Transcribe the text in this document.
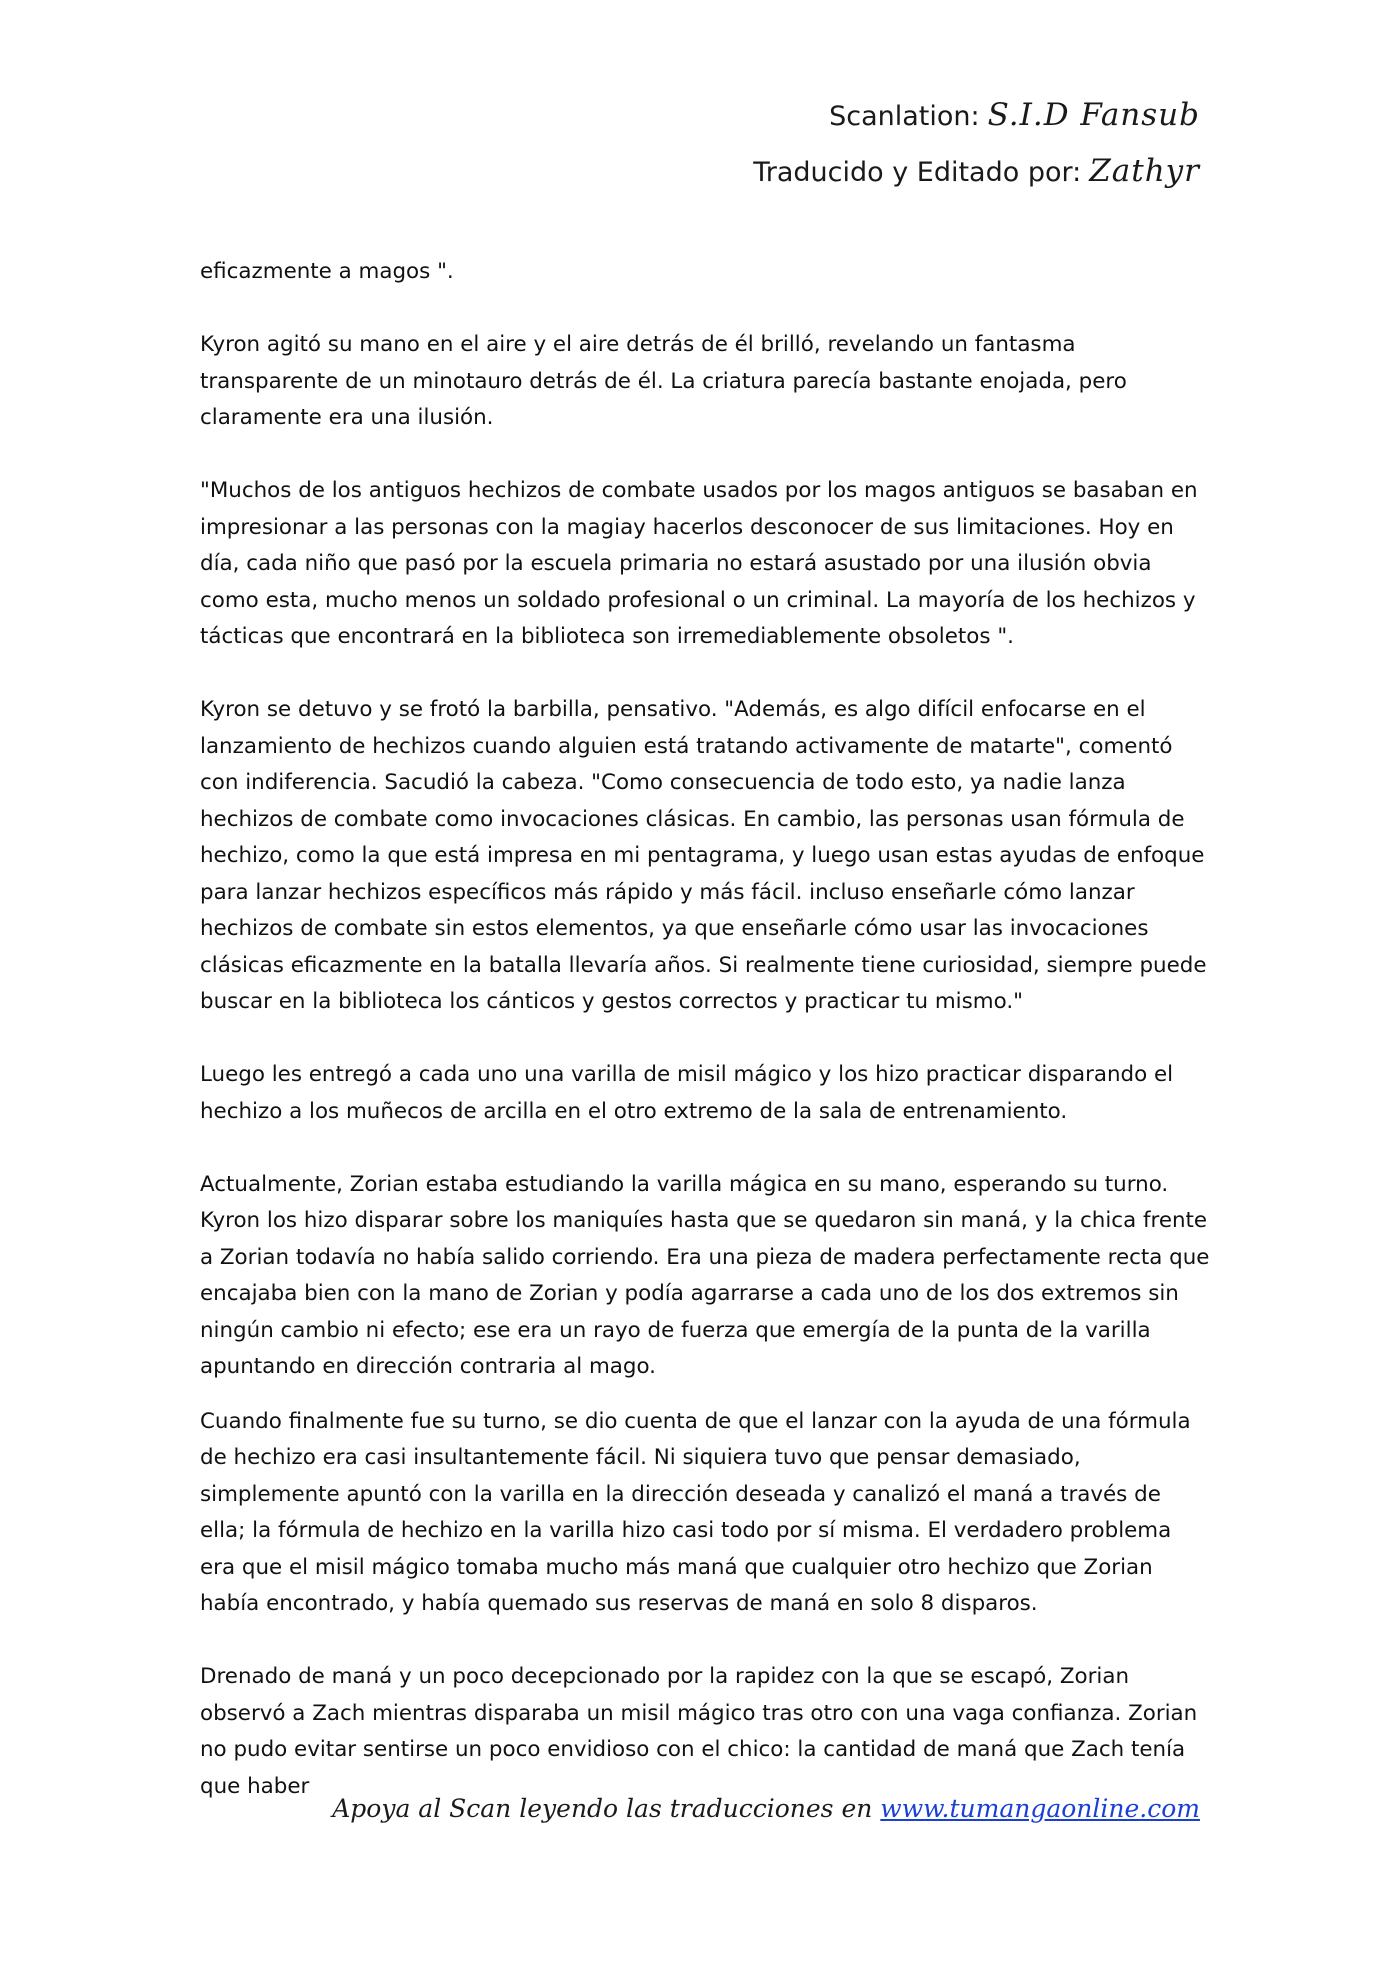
Scanlation: S.I.D Fansub
Traducido y Editado por: Zathyr

eficazmente a magos ".

Kyron agitó su mano en el aire y el aire detrás de él brilló, revelando un fantasma transparente de un minotauro detrás de él. La criatura parecía bastante enojada, pero claramente era una ilusión.

"Muchos de los antiguos hechizos de combate usados por los magos antiguos se basaban en impresionar a las personas con la magiay hacerlos desconocer de sus limitaciones. Hoy en día, cada niño que pasó por la escuela primaria no estará asustado por una ilusión obvia como esta, mucho menos un soldado profesional o un criminal. La mayoría de los hechizos y tácticas que encontrará en la biblioteca son irremediablemente obsoletos ".

Kyron se detuvo y se frotó la barbilla, pensativo. "Además, es algo difícil enfocarse en el lanzamiento de hechizos cuando alguien está tratando activamente de matarte", comentó con indiferencia. Sacudió la cabeza. "Como consecuencia de todo esto, ya nadie lanza hechizos de combate como invocaciones clásicas. En cambio, las personas usan fórmula de hechizo, como la que está impresa en mi pentagrama, y luego usan estas ayudas de enfoque para lanzar hechizos específicos más rápido y más fácil. incluso enseñarle cómo lanzar hechizos de combate sin estos elementos, ya que enseñarle cómo usar las invocaciones clásicas eficazmente en la batalla llevaría años. Si realmente tiene curiosidad, siempre puede buscar en la biblioteca los cánticos y gestos correctos y practicar tu mismo."

Luego les entregó a cada uno una varilla de misil mágico y los hizo practicar disparando el hechizo a los muñecos de arcilla en el otro extremo de la sala de entrenamiento.

Actualmente, Zorian estaba estudiando la varilla mágica en su mano, esperando su turno. Kyron los hizo disparar sobre los maniquíes hasta que se quedaron sin maná, y la chica frente a Zorian todavía no había salido corriendo. Era una pieza de madera perfectamente recta que encajaba bien con la mano de Zorian y podía agarrarse a cada uno de los dos extremos sin ningún cambio ni efecto; ese era un rayo de fuerza que emergía de la punta de la varilla apuntando en dirección contraria al mago.

Cuando finalmente fue su turno, se dio cuenta de que el lanzar con la ayuda de una fórmula de hechizo era casi insultantemente fácil. Ni siquiera tuvo que pensar demasiado, simplemente apuntó con la varilla en la dirección deseada y canalizó el maná a través de ella; la fórmula de hechizo en la varilla hizo casi todo por sí misma. El verdadero problema era que el misil mágico tomaba mucho más maná que cualquier otro hechizo que Zorian había encontrado, y había quemado sus reservas de maná en solo 8 disparos.

Drenado de maná y un poco decepcionado por la rapidez con la que se escapó, Zorian observó a Zach mientras disparaba un misil mágico tras otro con una vaga confianza. Zorian no pudo evitar sentirse un poco envidioso con el chico: la cantidad de maná que Zach tenía que haber

Apoya al Scan leyendo las traducciones en www.tumangaonline.com
